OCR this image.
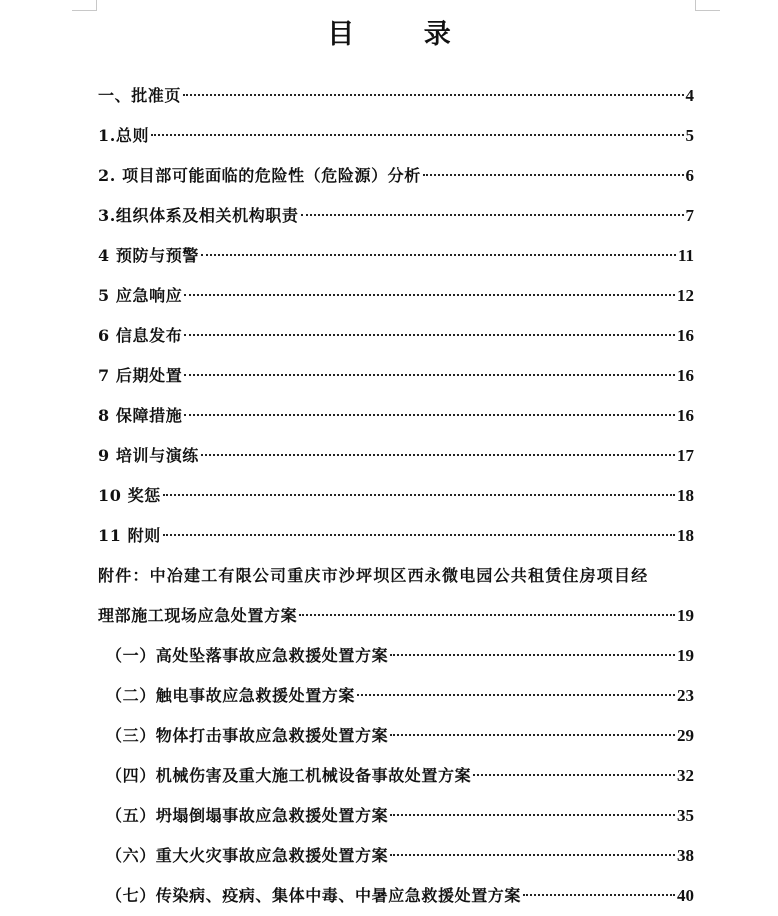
目 录
一、批准页	4
1.总则	5
2. 项目部可能面临的危险性（危险源）分析	6
3.组织体系及相关机构职责	7
4 预防与预警	11
5 应急响应	12
6 信息发布	16
7 后期处置	16
8 保障措施	16
9 培训与演练	17
10 奖惩	18
11 附则	18
附件：中冶建工有限公司重庆市沙坪坝区西永微电园公共租赁住房项目经
理部施工现场应急处置方案	19
（一）高处坠落事故应急救援处置方案	19
（二）触电事故应急救援处置方案	23
（三）物体打击事故应急救援处置方案	29
（四）机械伤害及重大施工机械设备事故处置方案	32
（五）坍塌倒塌事故应急救援处置方案	35
（六）重大火灾事故应急救援处置方案	38
（七）传染病、疫病、集体中毒、中暑应急救援处置方案	40
